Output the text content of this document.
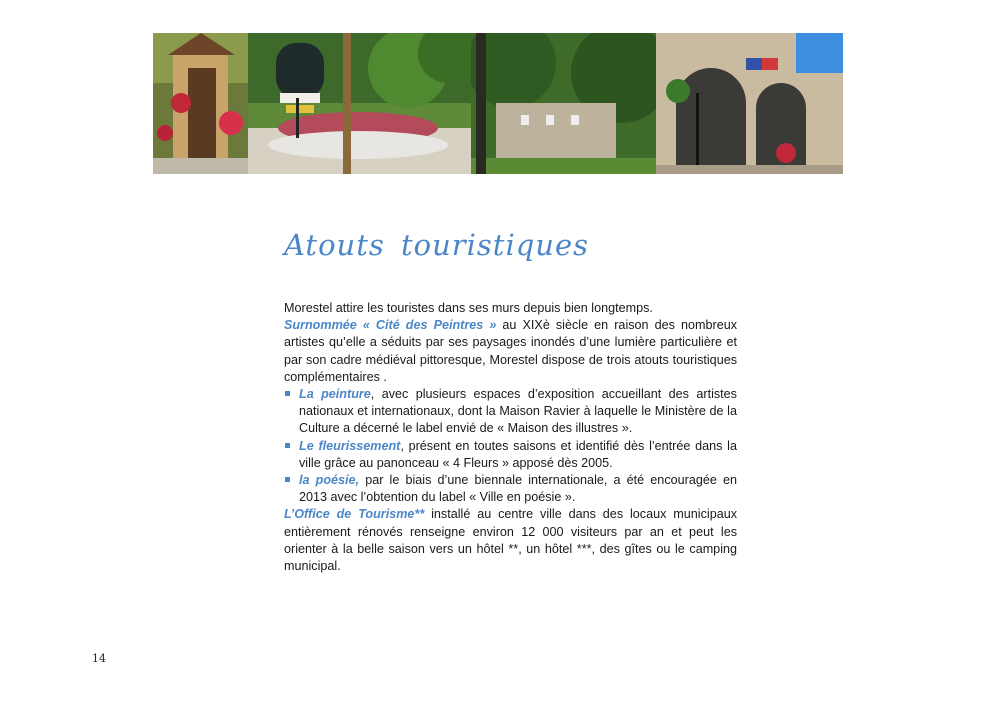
Atouts touristiques

Morestel attire les touristes dans ses murs depuis bien longtemps.

Surnommée « Cité des Peintres » au XIXè siècle en raison des nombreux artistes qu’elle a séduits par ses paysages inondés d’une lumière particulière et par son cadre médiéval pittoresque, Morestel dispose de trois atouts touristiques complémentaires .

La peinture, avec plusieurs espaces d’exposition accueillant des artistes nationaux et internationaux, dont la Maison Ravier à laquelle le Ministère de la Culture a décerné le label envié de « Maison des illustres ».
Le fleurissement, présent en toutes saisons et identifié dès l’entrée dans la ville grâce au panonceau « 4 Fleurs » apposé dès 2005.
la poésie, par le biais d’une biennale internationale, a été encouragée en 2013 avec l’obtention du label « Ville en poésie ».

L’Office de Tourisme** installé au centre ville dans des locaux municipaux entièrement rénovés renseigne environ 12 000 visiteurs par an et peut les orienter à la belle saison vers un hôtel **, un hôtel ***, des gîtes ou le camping municipal.

14
